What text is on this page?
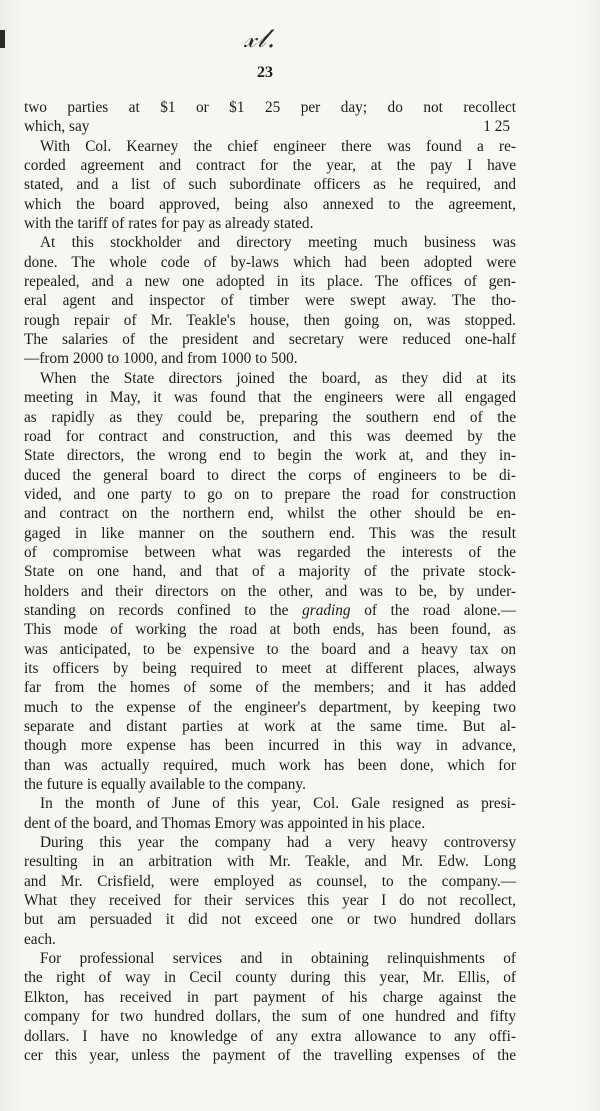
𝓍𝓁.
23
two parties at $1 or $1 25 per day; do not recollect
which, say	1 25
With Col. Kearney the chief engineer there was found a re-
corded agreement and contract for the year, at the pay I have
stated, and a list of such subordinate officers as he required, and
which the board approved, being also annexed to the agreement,
with the tariff of rates for pay as already stated.
At this stockholder and directory meeting much business was
done. The whole code of by-laws which had been adopted were
repealed, and a new one adopted in its place. The offices of gen-
eral agent and inspector of timber were swept away. The tho-
rough repair of Mr. Teakle's house, then going on, was stopped.
The salaries of the president and secretary were reduced one-half
—from 2000 to 1000, and from 1000 to 500.
When the State directors joined the board, as they did at its
meeting in May, it was found that the engineers were all engaged
as rapidly as they could be, preparing the southern end of the
road for contract and construction, and this was deemed by the
State directors, the wrong end to begin the work at, and they in-
duced the general board to direct the corps of engineers to be di-
vided, and one party to go on to prepare the road for construction
and contract on the northern end, whilst the other should be en-
gaged in like manner on the southern end. This was the result
of compromise between what was regarded the interests of the
State on one hand, and that of a majority of the private stock-
holders and their directors on the other, and was to be, by under-
standing on records confined to the grading of the road alone.—
This mode of working the road at both ends, has been found, as
was anticipated, to be expensive to the board and a heavy tax on
its officers by being required to meet at different places, always
far from the homes of some of the members; and it has added
much to the expense of the engineer's department, by keeping two
separate and distant parties at work at the same time. But al-
though more expense has been incurred in this way in advance,
than was actually required, much work has been done, which for
the future is equally available to the company.
In the month of June of this year, Col. Gale resigned as presi-
dent of the board, and Thomas Emory was appointed in his place.
During this year the company had a very heavy controversy
resulting in an arbitration with Mr. Teakle, and Mr. Edw. Long
and Mr. Crisfield, were employed as counsel, to the company.—
What they received for their services this year I do not recollect,
but am persuaded it did not exceed one or two hundred dollars
each.
For professional services and in obtaining relinquishments of
the right of way in Cecil county during this year, Mr. Ellis, of
Elkton, has received in part payment of his charge against the
company for two hundred dollars, the sum of one hundred and fifty
dollars. I have no knowledge of any extra allowance to any offi-
cer this year, unless the payment of the travelling expenses of the
